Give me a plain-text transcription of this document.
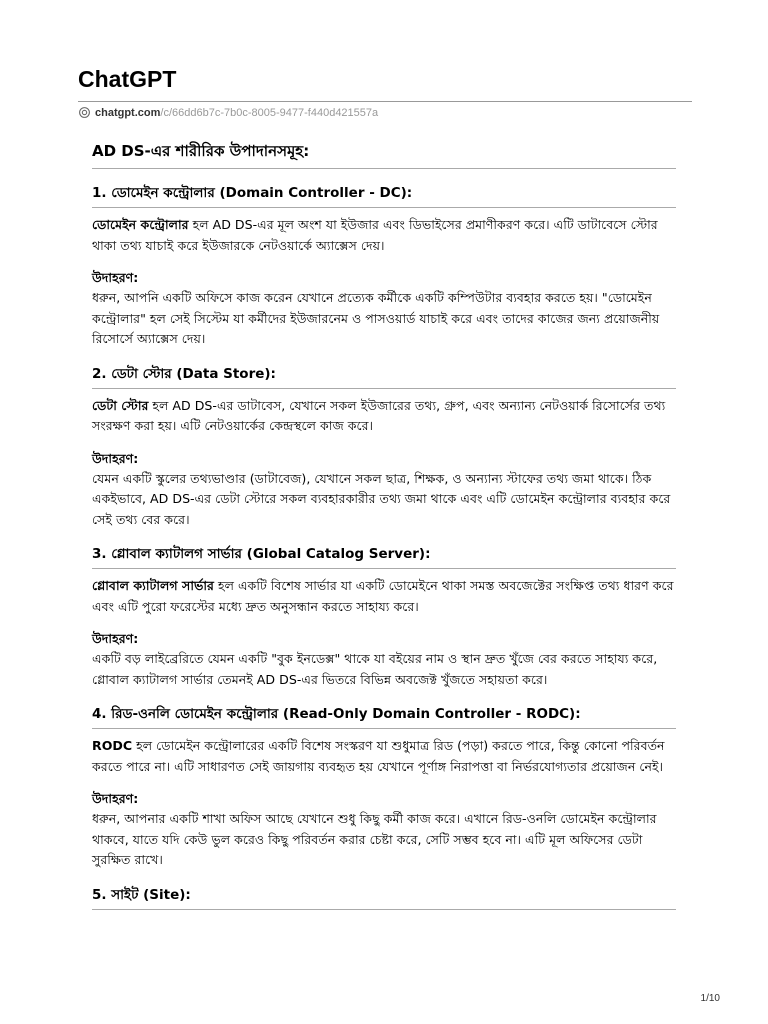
ChatGPT
chatgpt.com /c/66dd6b7c-7b0c-8005-9477-f440d421557a
AD DS-এর শারীরিক উপাদানসমূহ:
1. ডোমেইন কন্ট্রোলার (Domain Controller - DC):

ডোমেইন কন্ট্রোলার হল AD DS-এর মূল অংশ যা ইউজার এবং ডিভাইসের প্রমাণীকরণ করে। এটি ডাটাবেসে স্টোর থাকা তথ্য যাচাই করে ইউজারকে নেটওয়ার্কে অ্যাক্সেস দেয়।

উদাহরণ:

ধরুন, আপনি একটি অফিসে কাজ করেন যেখানে প্রত্যেক কর্মীকে একটি কম্পিউটার ব্যবহার করতে হয়। "ডোমেইন কন্ট্রোলার" হল সেই সিস্টেম যা কর্মীদের ইউজারনেম ও পাসওয়ার্ড যাচাই করে এবং তাদের কাজের জন্য প্রয়োজনীয় রিসোর্সে অ্যাক্সেস দেয়।

2. ডেটা স্টোর (Data Store):

ডেটা স্টোর হল AD DS-এর ডাটাবেস, যেখানে সকল ইউজারের তথ্য, গ্রুপ, এবং অন্যান্য নেটওয়ার্ক রিসোর্সের তথ্য সংরক্ষণ করা হয়। এটি নেটওয়ার্কের কেন্দ্রস্থলে কাজ করে।

উদাহরণ:

যেমন একটি স্কুলের তথ্যভাণ্ডার (ডাটাবেজ), যেখানে সকল ছাত্র, শিক্ষক, ও অন্যান্য স্টাফের তথ্য জমা থাকে। ঠিক একইভাবে, AD DS-এর ডেটা স্টোরে সকল ব্যবহারকারীর তথ্য জমা থাকে এবং এটি ডোমেইন কন্ট্রোলার ব্যবহার করে সেই তথ্য বের করে।

3. গ্লোবাল ক্যাটালগ সার্ভার (Global Catalog Server):

গ্লোবাল ক্যাটালগ সার্ভার হল একটি বিশেষ সার্ভার যা একটি ডোমেইনে থাকা সমস্ত অবজেক্টের সংক্ষিপ্ত তথ্য ধারণ করে এবং এটি পুরো ফরেস্টের মধ্যে দ্রুত অনুসন্ধান করতে সাহায্য করে।

উদাহরণ:

একটি বড় লাইব্রেরিতে যেমন একটি "বুক ইনডেক্স" থাকে যা বইয়ের নাম ও স্থান দ্রুত খুঁজে বের করতে সাহায্য করে, গ্লোবাল ক্যাটালগ সার্ভার তেমনই AD DS-এর ভিতরে বিভিন্ন অবজেক্ট খুঁজতে সহায়তা করে।

4. রিড-ওনলি ডোমেইন কন্ট্রোলার (Read-Only Domain Controller - RODC):

RODC হল ডোমেইন কন্ট্রোলারের একটি বিশেষ সংস্করণ যা শুধুমাত্র রিড (পড়া) করতে পারে, কিন্তু কোনো পরিবর্তন করতে পারে না। এটি সাধারণত সেই জায়গায় ব্যবহৃত হয় যেখানে পূর্ণাঙ্গ নিরাপত্তা বা নির্ভরযোগ্যতার প্রয়োজন নেই।

উদাহরণ:

ধরুন, আপনার একটি শাখা অফিস আছে যেখানে শুধু কিছু কর্মী কাজ করে। এখানে রিড-ওনলি ডোমেইন কন্ট্রোলার থাকবে, যাতে যদি কেউ ভুল করেও কিছু পরিবর্তন করার চেষ্টা করে, সেটি সম্ভব হবে না। এটি মূল অফিসের ডেটা সুরক্ষিত রাখে।

5. সাইট (Site):
1/10
